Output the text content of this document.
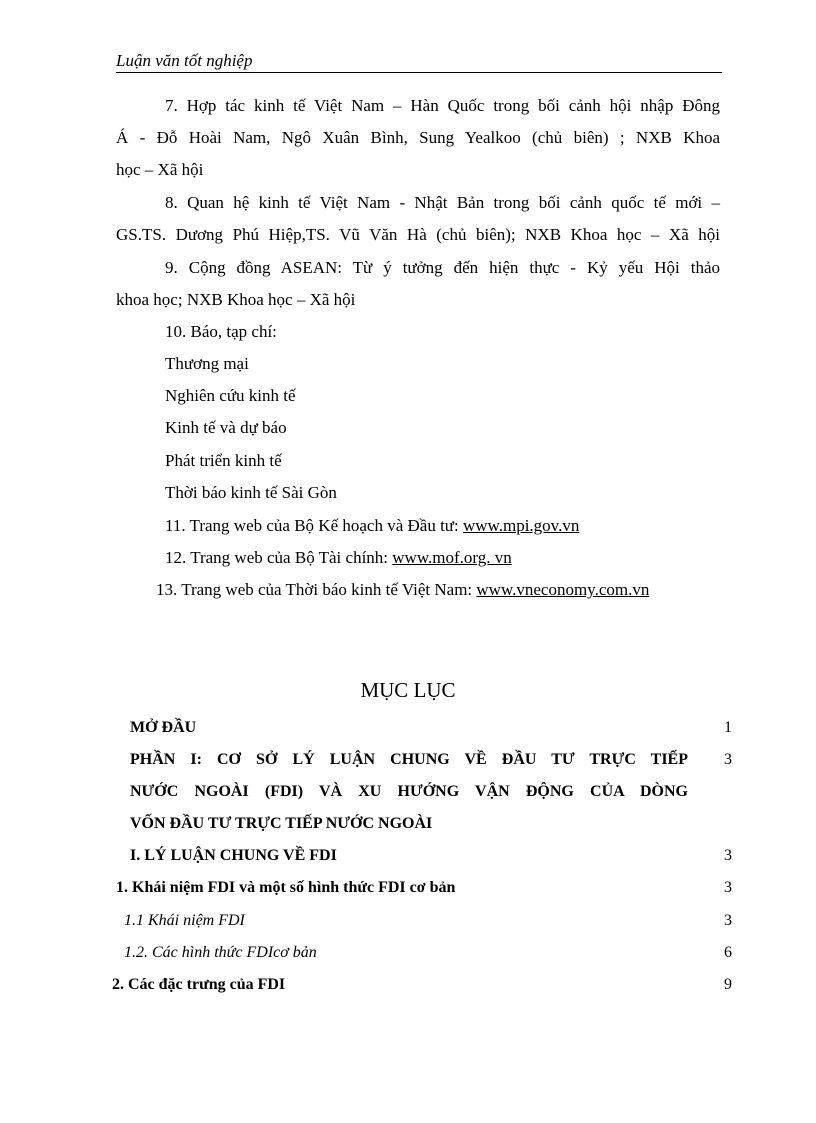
Luận văn tốt nghiệp
7. Hợp tác kinh tế Việt Nam – Hàn Quốc trong bối cảnh hội nhập Đông
Á - Đỗ Hoài Nam, Ngô Xuân Bình, Sung Yealkoo (chủ biên) ; NXB Khoa
học – Xã hội
8. Quan hệ kinh tế Việt Nam - Nhật Bản trong bối cảnh quốc tế mới –
GS.TS. Dương Phú Hiệp,TS. Vũ Văn Hà (chủ biên); NXB Khoa học – Xã hội
9. Cộng đồng ASEAN: Từ ý tưởng đến hiện thực - Kỷ yếu Hội thảo
khoa học; NXB Khoa học – Xã hội
10. Báo, tạp chí:
Thương mại
Nghiên cứu kinh tế
Kinh tế và dự báo
Phát triển kinh tế
Thời báo kinh tế Sài Gòn
11. Trang web của Bộ Kế hoạch và Đầu tư: www.mpi.gov.vn
12. Trang web của Bộ Tài chính: www.mof.org. vn
13. Trang web của Thời báo kinh tế Việt Nam: www.vneconomy.com.vn
MỤC LỤC
MỞ ĐẦU	1
PHẦN I: CƠ SỞ LÝ LUẬN CHUNG VỀ ĐẦU TƯ TRỰC TIẾP
NƯỚC NGOÀI (FDI) VÀ XU HƯỚNG VẬN ĐỘNG CỦA DÒNG
VỐN ĐẦU TƯ TRỰC TIẾP NƯỚC NGOÀI
3
I. LÝ LUẬN CHUNG VỀ FDI	3
1. Khái niệm FDI và một số hình thức FDI cơ bản	3
1.1 Khái niệm FDI	3
1.2. Các hình thức FDIcơ bản	6
2. Các đặc trưng của FDI	9
